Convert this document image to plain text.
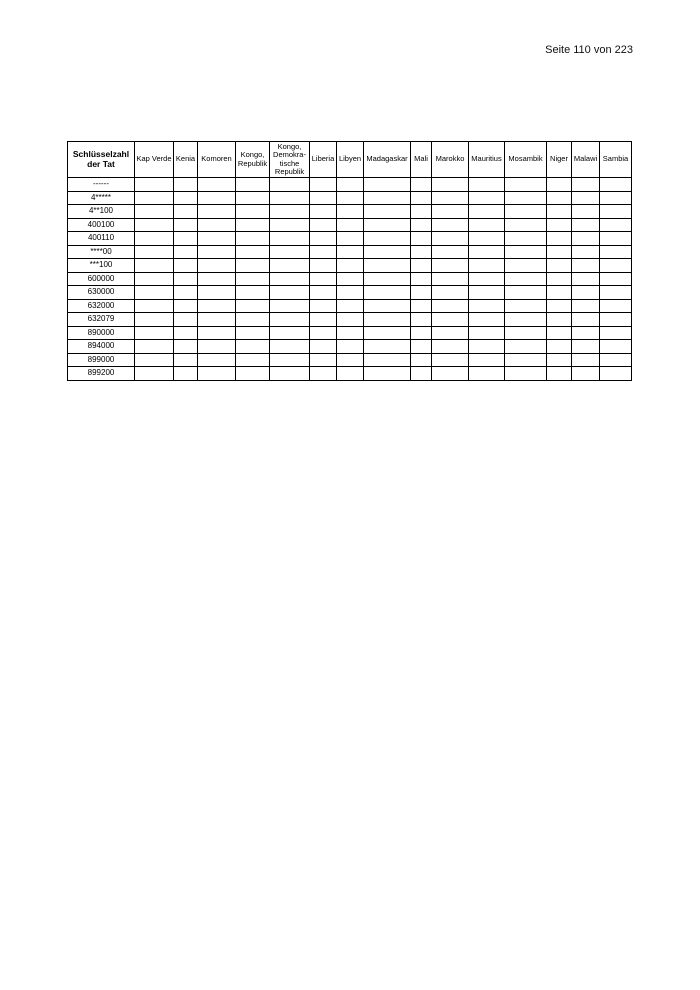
Seite 110 von 223
Schlüsselzahl der Tat	Kap Verde	Kenia	Komoren	Kongo, Republik	Kongo, Demokra-tische Republik	Liberia	Libyen	Madagaskar	Mali	Marokko	Mauritius	Mosambik	Niger	Malawi	Sambia
------															
4*****															
4**100															
400100															
400110															
****00															
***100															
600000															
630000															
632000															
632079															
890000															
894000															
899000															
899200															
